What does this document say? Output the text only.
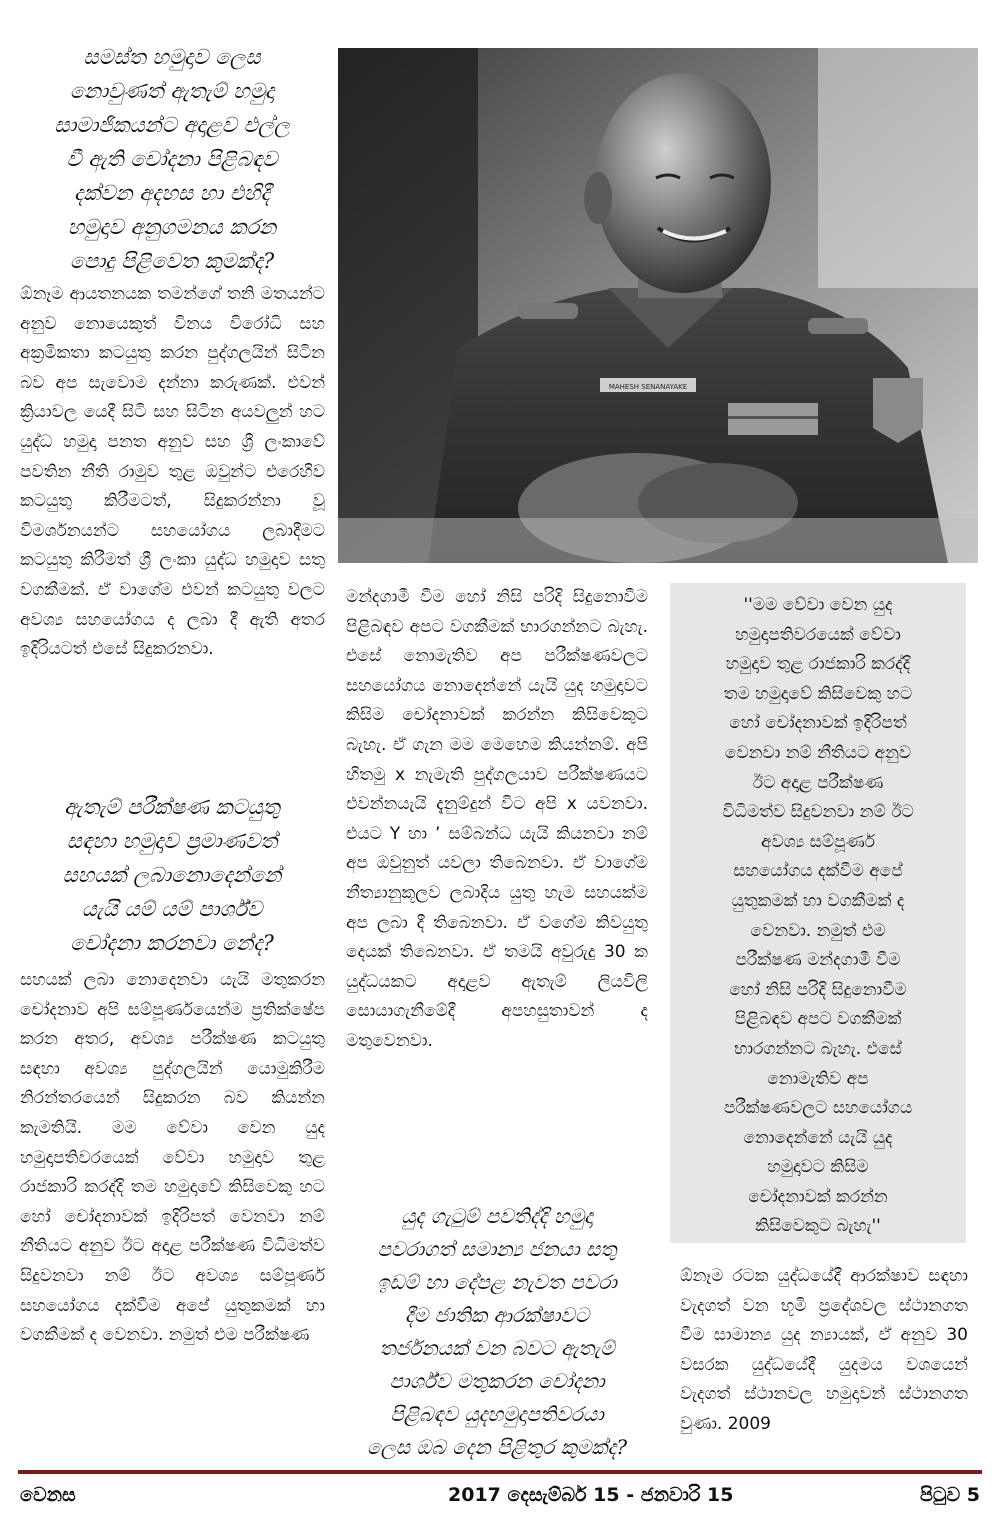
සමස්ත හමුදාව ලෙස
නොවුණත් ඇතැම් හමුදා
සාමාජිකයන්ට අදාළව එල්ල
වී ඇති චෝදනා පිළිබඳව
දක්වන අදහස හා එහිදී
හමුදාව අනුගමනය කරන
පොදු පිළිවෙත කුමක්ද?
ඕනෑම ආයතනයක තමන්ගේ තනි මතයන්ට අනුව නොයෙකුත් විනය විරෝධි සහ අක්‍රමිකතා කටයුතු කරන පුද්ගලයින් සිටින බව අප සැවොම දන්නා කරුණක්. එවන් ක්‍රියාවල යෙදී සිටි සහ සිටින අයවලුන් හට යුද්ධ හමුදා පනත අනුව සහ ශ්‍රී ලංකාවේ පවතින නීති රාමුව තුළ ඔවුන්ට එරෙහිව කටයුතු කිරීමටත්, සිදුකරන්නා වූ විමර්ශනයන්ට සහයෝගය ලබාදීමට කටයුතු කිරීමත් ශ්‍රී ලංකා යුද්ධ හමුදාව සතු වගකීමක්. ඒ වාගේම එවන් කටයුතු වලට අවශ්‍ය සහයෝගය ද ලබා දී ඇති අතර ඉදිරියටත් එසේ සිදුකරනවා.
ඇතැම් පරීක්ෂණ කටයුතු
සඳහා හමුදාව ප්‍රමාණවත්
සහයක් ලබානොදෙන්නේ
යැයි යම් යම් පාර්ශ්ව
චෝදනා කරනවා නේද?
සහයක් ලබා නොදෙනවා යැයි මතුකරන චෝදනාව අපි සම්පූර්ණයෙන්ම ප්‍රතික්ෂේප කරන අතර, අවශ්‍ය පරීක්ෂණ කටයුතු සඳහා අවශ්‍ය පුද්ගලයින් යොමුකිරීම නිරන්තරයෙන් සිදුකරන බව කියන්න කැමතියි. මම වේවා වෙන යුද හමුදාපතිවරයෙක් වේවා හමුදාව තුළ රාජකාරි කරද්දි තම හමුදාවේ කිසිවෙකු හට හෝ චෝදනාවක් ඉදිරිපත් වෙනවා නම් නීතියට අනුව ඊට අදාළ පරීක්ෂණ විධිමත්ව සිදුවනවා නම් ඊට අවශ්‍ය සම්පූර්ණ සහයෝගය දක්වීම අපේ යුතුකමක් හා වගකීමක් ද වෙනවා. නමුත් එම පරීක්ෂණ
MAHESH SENANAYAKE
මන්දගාමී වීම හෝ නිසි පරිදි සිදුනොවීම පිළිබඳව අපට වගකීමක් භාරගන්නට බැහැ. එසේ නොමැතිව අප පරීක්ෂණවලට සහයෝගය නොදෙන්නේ යැයි යුද හමුදාවට කිසිම චෝදනාවක් කරන්න කිසිවෙකුට බැහැ. ඒ ගැන මම මෙහෙම කියන්නම්. අපි හිතමු x නැමැති පුද්ගලයාව පරීක්ෂණයට එවන්නයැයි දැනුම්දුන් විට අපි x යවනවා. එයට Y හා ’ සම්බන්ධ යැයි කියනවා නම් අප ඔවුනුත් යවලා තිබෙනවා. ඒ වාගේම නීත්‍යානුකූලව ලබාදිය යුතු හැම සහයක්ම අප ලබා දී තිබෙනවා. ඒ වගේම කිවයුතු දෙයක් තිබෙනවා. ඒ තමයි අවුරුදු 30 ක යුද්ධයකට අදාළව ඇතැම් ලියවිලි සොයාගැනීමේදී අපහසුතාවන් ද මතුවෙනවා.
යුද ගැටුම් පවතිද්දි හමුදා
පවරාගත් සමාන්‍ය ජනයා සතු
ඉඩම් හා දේපළ නැවත පවරා
දීම ජාතික ආරක්ෂාවට
තර්ජනයක් වන බවට ඇතැම්
පාර්ශ්ව මතුකරන චෝදනා
පිළිබඳව යුදහමුදාපතිවරයා
ලෙස ඔබ දෙන පිළිතුර කුමක්ද?
''මම වේවා වෙන යුද
හමුදාපතිවරයෙක් වේවා
හමුදාව තුළ රාජකාරි කරද්දි
තම හමුදාවේ කිසිවෙකු හට
හෝ චෝදනාවක් ඉදිරිපත්
වෙනවා නම් නීතියට අනුව
ඊට අදාළ පරීක්ෂණ
විධිමත්ව සිදුවනවා නම් ඊට
අවශ්‍ය සම්පූර්ණ
සහයෝගය දක්වීම අපේ
යුතුකමක් හා වගකීමක් ද
වෙනවා. නමුත් එම
පරීක්ෂණ මන්දගාමී වීම
හෝ නිසි පරිදි සිදුනොවීම
පිළිබඳව අපට වගකීමක්
භාරගන්නට බැහැ. එසේ
නොමැතිව අප
පරීක්ෂණවලට සහයෝගය
නොදෙන්නේ යැයි යුද
හමුදාවට කිසිම
චෝදනාවක් කරන්න
කිසිවෙකුට බැහැ''
ඕනෑම රටක යුද්ධයේදී ආරක්ෂාව සඳහා වැදගත් වන භූමි ප්‍රදේශවල ස්ථානගත වීම සාමාන්‍ය යුද න්‍යායක්, ඒ අනුව 30 වසරක යුද්ධයේදී යුදමය වශයෙන් වැදගත් ස්ථානවල හමුදාවන් ස්ථානගත වුණා. 2009
වෙනස	2017 දෙසැම්බර් 15 - ජනවාරි 15	පිටුව 5
